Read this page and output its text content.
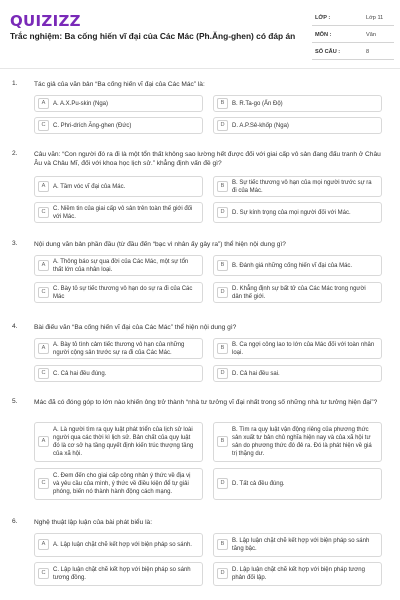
QUIZIZZ
Trắc nghiệm: Ba cống hiến vĩ đại của Các Mác (Ph.Ăng-ghen) có đáp án
LỚP :	Lớp 11
MÔN :	Văn
SỐ CÂU :	8
1.	Tác giả của văn bản “Ba cống hiến vĩ đại của Các Mác” là:
A	A. A.X.Pu-skin (Nga)	B	B. R.Ta-go (Ấn Độ)
C	C. Phri-drích Ăng-ghen (Đức)	D	D. A.P.Sê-khốp (Nga)
2.	Câu văn: “Con người đó ra đi là một tổn thất không sao lường hết được đối với giai cấp vô sản đang đấu tranh ở Châu Âu và Châu Mĩ, đối với khoa học lịch sử.” khẳng định vấn đề gì?
A	A. Tầm vóc vĩ đại của Mác.	B	B. Sự tiếc thương vô hạn của mọi người trước sự ra đi của Mác.
C	C. Niềm tin của giai cấp vô sản trên toàn thế giới đối với Mác.
D	D. Sự kính trọng của mọi người đối với Mác.
3.	Nội dung văn bản phần đầu (từ đầu đến “bạc vì nhân ấy gây ra”) thể hiện nội dung gì?
A	A. Thông báo sự qua đời của Các Mác, một sự tổn thất lớn của nhân loại.
B	B. Đánh giá những cống hiến vĩ đại của Mác.
C	C. Bày tỏ sự tiếc thương vô hạn do sự ra đi của Các Mác
D	D. Khẳng định sự bất tử của Các Mác trong người dân thế giới.
4.	Bài điếu văn “Ba cống hiến vĩ đại của Các Mác” thể hiện nội dung gì?
A	A. Bày tỏ tình cảm tiếc thương vô hạn của những người cộng sản trước sự ra đi của Các Mác.
B	B. Ca ngợi công lao to lớn của Mác đối với toàn nhân loại.
C	C. Cả hai đều đúng.	D	D. Cả hai đều sai.
5.	Mác đã có đóng góp to lớn nào khiến ông trở thành “nhà tư tưởng vĩ đại nhất trong số những nhà tư tưởng hiện đại”?
A
A. Là người tìm ra quy luật phát triển của lịch sử loài người qua các thời kì lịch sử. Bản chất của quy luật đó là cơ sở hạ tầng quyết định kiến trúc thượng tầng của xã hội.
B
B. Tìm ra quy luật vận động riêng của phương thức sản xuất tư bản chủ nghĩa hiện nay và của xã hội tư sản do phương thức đó đẻ ra. Đó là phát hiện về giá trị thặng dư.
C
C. Đem đến cho giai cấp công nhân ý thức về địa vị và yêu cầu của mình, ý thức về điều kiện để tự giải phóng, biến nó thành hành động cách mạng.
D	D. Tất cả đều đúng.
6.	Nghệ thuật lập luận của bài phát biểu là:
A	A. Lập luận chặt chẽ kết hợp với biện pháp so sánh.	B	B. Lập luận chặt chẽ kết hợp với biện pháp so sánh tăng bậc.
C	C. Lập luận chặt chẽ kết hợp với biện pháp so sánh tương đồng.
D	D. Lập luận chặt chẽ kết hợp với biện pháp tương phản đối lập.
